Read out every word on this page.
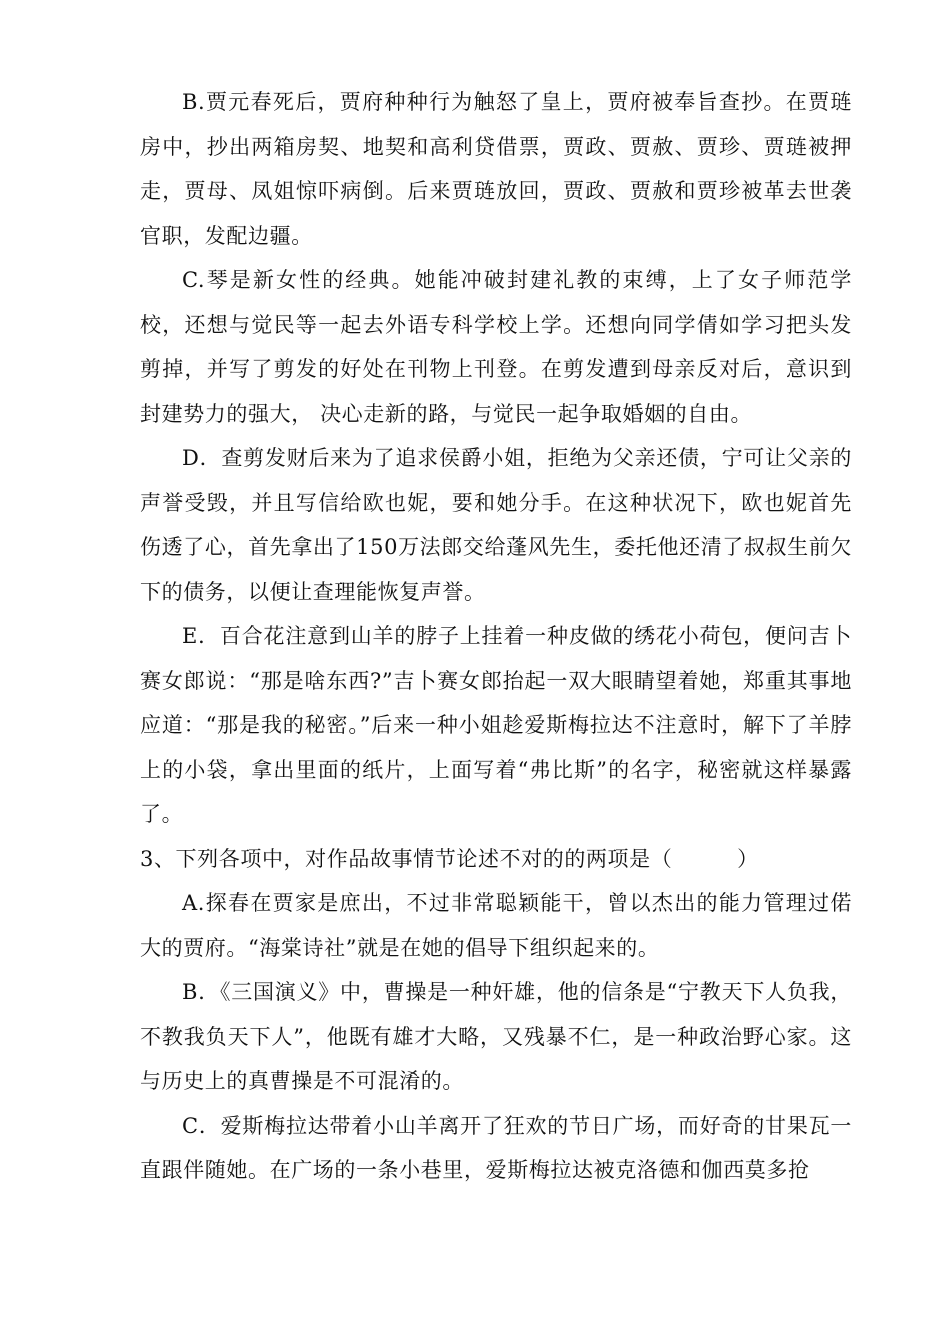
B.贾元春死后，贾府种种行为触怒了皇上，贾府被奉旨查抄。在贾琏房中，抄出两箱房契、地契和高利贷借票，贾政、贾赦、贾珍、贾琏被押走，贾母、凤姐惊吓病倒。后来贾琏放回，贾政、贾赦和贾珍被革去世袭官职，发配边疆。

C.琴是新女性的经典。她能冲破封建礼教的束缚，上了女子师范学校，还想与觉民等一起去外语专科学校上学。还想向同学倩如学习把头发剪掉，并写了剪发的好处在刊物上刊登。在剪发遭到母亲反对后，意识到封建势力的强大， 决心走新的路，与觉民一起争取婚姻的自由。

D．查剪发财后来为了追求侯爵小姐，拒绝为父亲还债，宁可让父亲的声誉受毁，并且写信给欧也妮，要和她分手。在这种状况下，欧也妮首先伤透了心，首先拿出了150万法郎交给蓬风先生，委托他还清了叔叔生前欠下的债务，以便让查理能恢复声誉。

E．百合花注意到山羊的脖子上挂着一种皮做的绣花小荷包，便问吉卜赛女郎说：“那是啥东西?”吉卜赛女郎抬起一双大眼睛望着她，郑重其事地应道：“那是我的秘密。”后来一种小姐趁爱斯梅拉达不注意时，解下了羊脖上的小袋，拿出里面的纸片，上面写着“弗比斯”的名字，秘密就这样暴露了。

3、下列各项中，对作品故事情节论述不对的的两项是（　　　）

A.探春在贾家是庶出，不过非常聪颖能干，曾以杰出的能力管理过偌大的贾府。“海棠诗社”就是在她的倡导下组织起来的。

B．《三国演义》中，曹操是一种奸雄，他的信条是“宁教天下人负我，不教我负天下人”，他既有雄才大略，又残暴不仁，是一种政治野心家。这与历史上的真曹操是不可混淆的。

C．爱斯梅拉达带着小山羊离开了狂欢的节日广场，而好奇的甘果瓦一直跟伴随她。在广场的一条小巷里，爱斯梅拉达被克洛德和伽西莫多抢
